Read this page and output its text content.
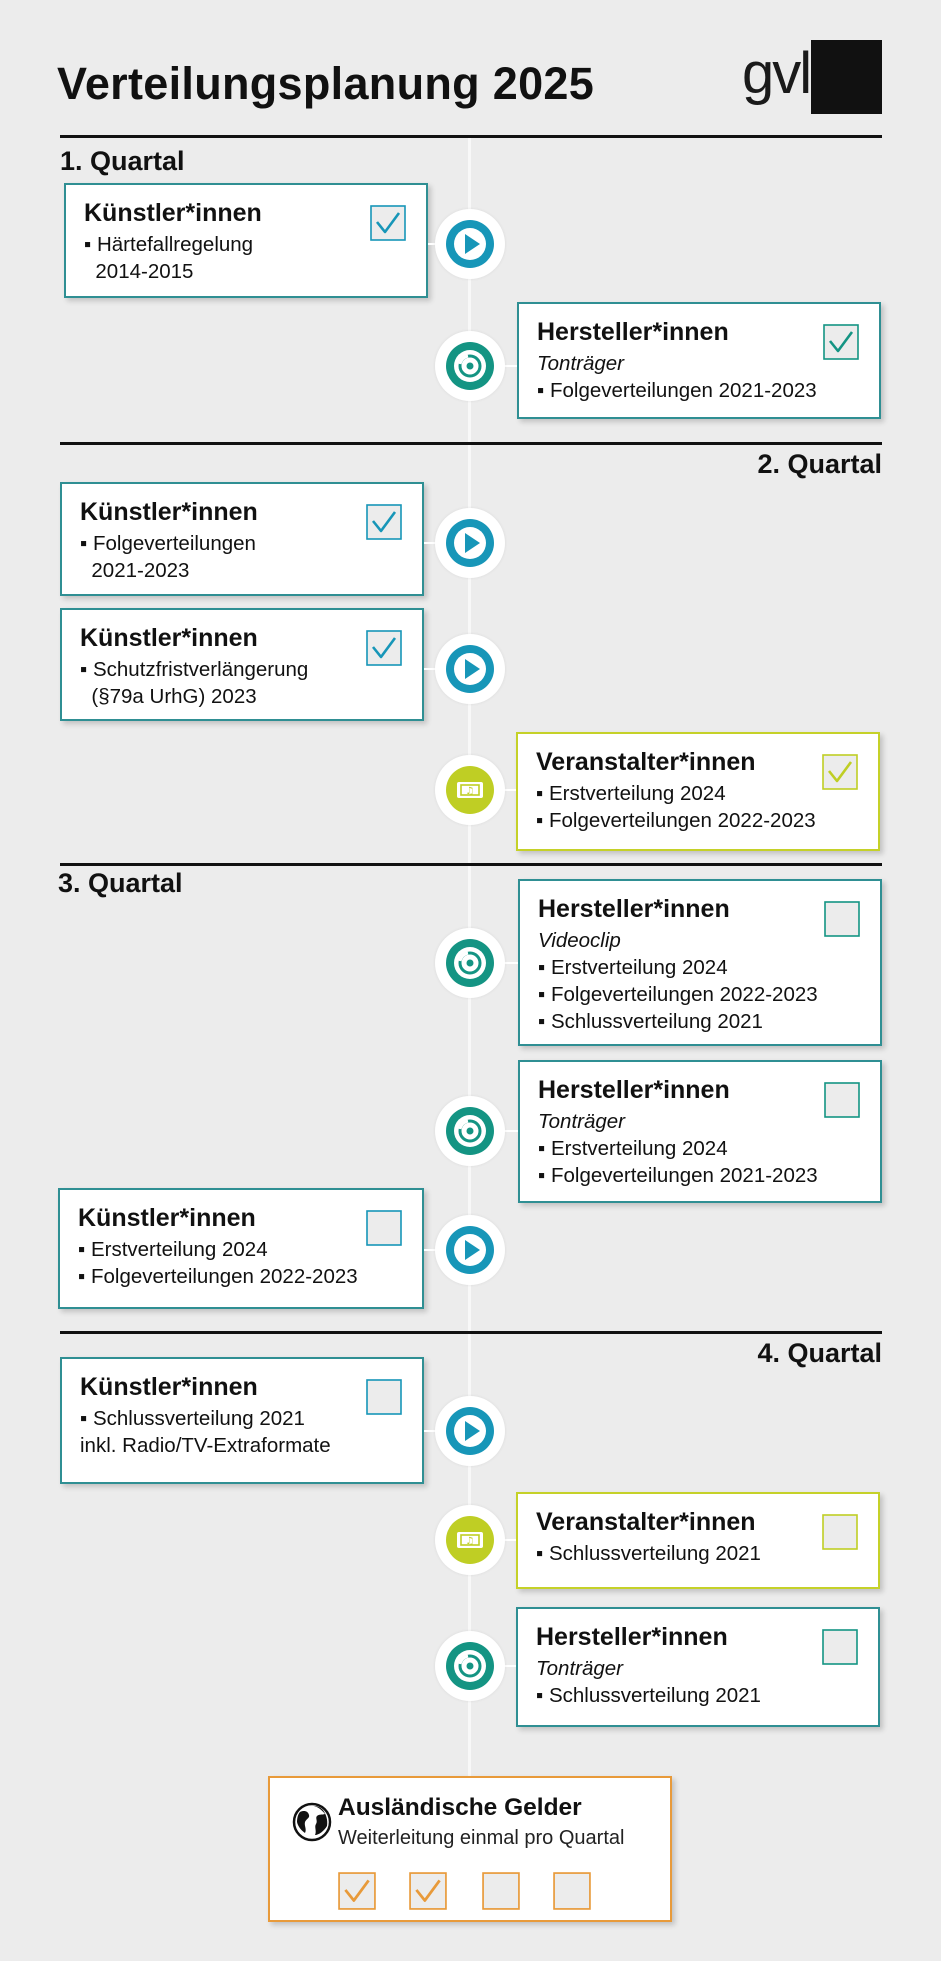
Verteilungsplanung 2025	gvl
1. Quartal
2. Quartal
3. Quartal
4. Quartal
Künstler*innen
▪ Härtefallregelung
2014-2015
Hersteller*innen
Tonträger
▪ Folgeverteilungen 2021-2023
Künstler*innen
▪ Folgeverteilungen
2021-2023
Künstler*innen
▪ Schutzfristverlängerung
(§79a UrhG) 2023
Veranstalter*innen
▪ Erstverteilung 2024
▪ Folgeverteilungen 2022-2023
♫
Hersteller*innen
Videoclip
▪ Erstverteilung 2024
▪ Folgeverteilungen 2022-2023
▪ Schlussverteilung 2021
Hersteller*innen
Tonträger
▪ Erstverteilung 2024
▪ Folgeverteilungen 2021-2023
Künstler*innen
▪ Erstverteilung 2024
▪ Folgeverteilungen 2022-2023
Künstler*innen
▪ Schlussverteilung 2021
inkl. Radio/TV-Extraformate
Veranstalter*innen
▪ Schlussverteilung 2021
♫
Hersteller*innen
Tonträger
▪ Schlussverteilung 2021
Ausländische Gelder
Weiterleitung einmal pro Quartal
